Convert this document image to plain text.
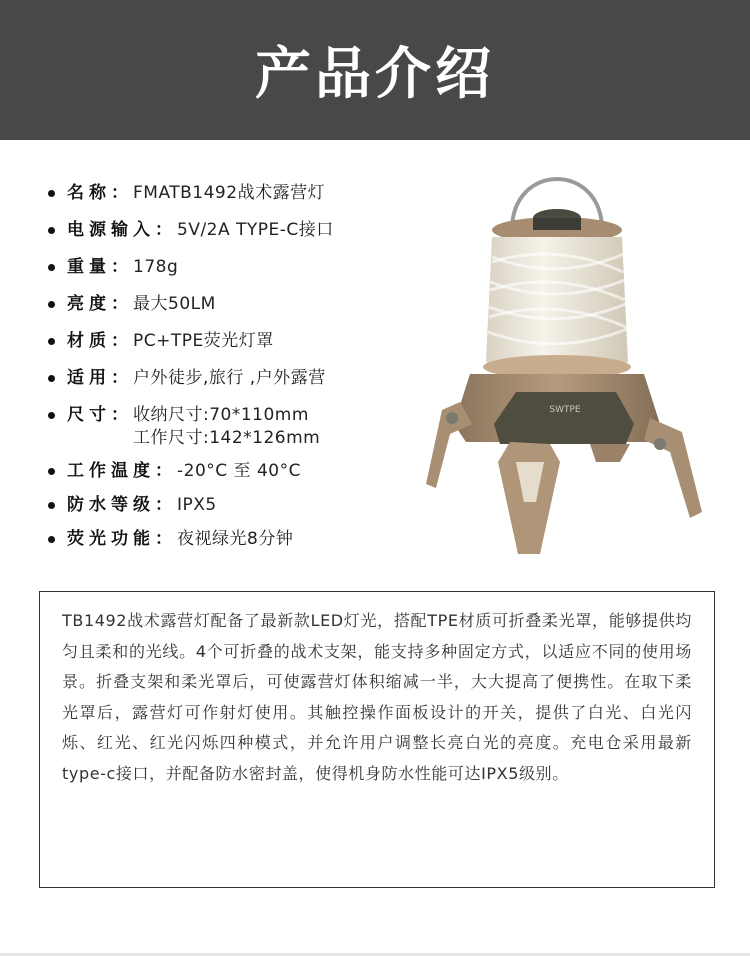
产品介绍
名称： FMATB1492战术露营灯
电源输入： 5V/2A TYPE-C接口
重量： 178g
亮度： 最大50LM
材质： PC+TPE荧光灯罩
适用： 户外徒步,旅行 ,户外露营
尺寸： 收纳尺寸:70*110mm
工作尺寸:142*126mm
工作温度： -20°C 至 40°C
防水等级： IPX5
荧光功能： 夜视绿光8分钟
SWTPE

TB1492战术露营灯配备了最新款LED灯光，搭配TPE材质可折叠柔光罩，能够提供均匀且柔和的光线。4个可折叠的战术支架，能支持多种固定方式，以适应不同的使用场景。折叠支架和柔光罩后，可使露营灯体积缩减一半，大大提高了便携性。在取下柔光罩后，露营灯可作射灯使用。其触控操作面板设计的开关，提供了白光、白光闪烁、红光、红光闪烁四种模式，并允许用户调整长亮白光的亮度。充电仓采用最新type-c接口，并配备防水密封盖，使得机身防水性能可达IPX5级别。
